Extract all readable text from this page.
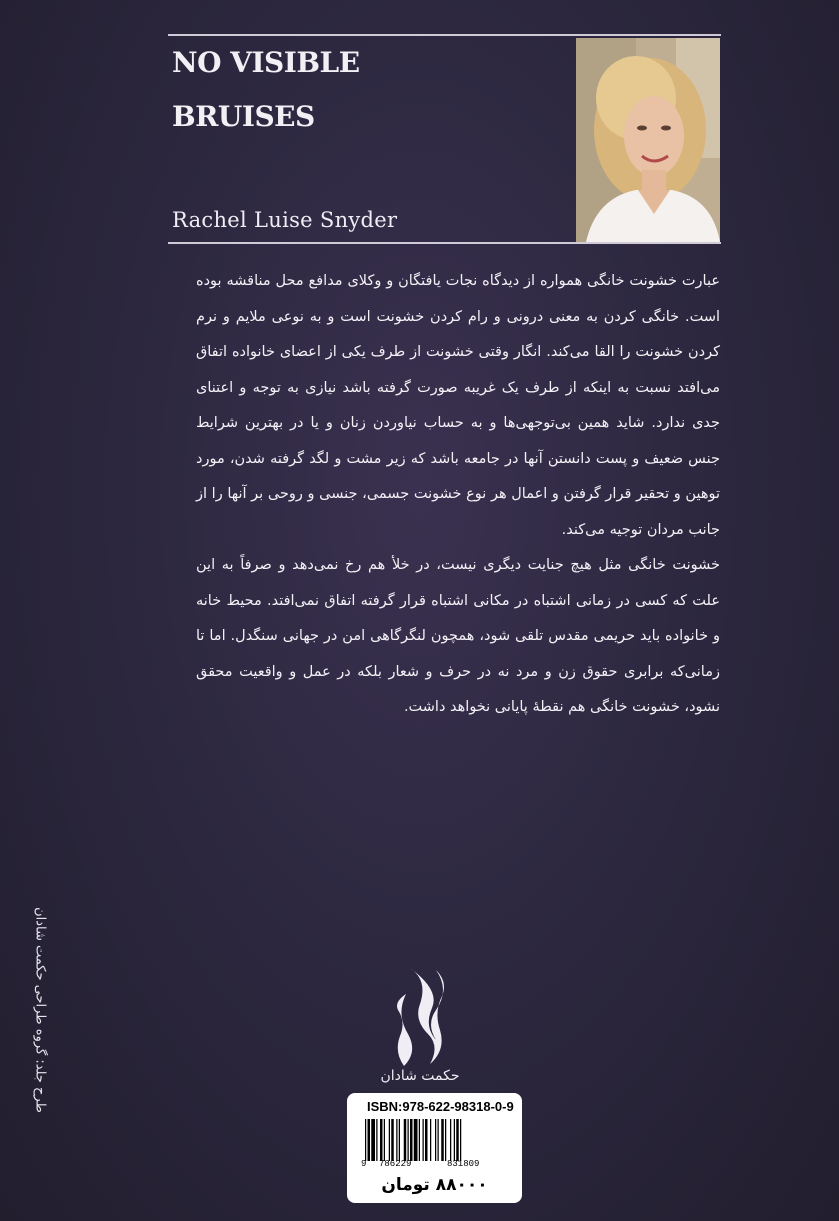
NO VISIBLE
BRUISES
Rachel Luise Snyder

عبارت خشونت خانگی همواره از دیدگاه نجات یافتگان و وکلای مدافع محل مناقشه بوده است. خانگی کردن به معنی درونی و رام کردن خشونت است و به نوعی ملایم و نرم کردن خشونت را القا می‌کند. انگار وقتی خشونت از طرف یکی از اعضای خانواده اتفاق می‌افتد نسبت به اینکه از طرف یک غریبه صورت گرفته باشد نیازی به توجه و اعتنای جدی ندارد. شاید همین بی‌توجهی‌ها و به حساب نیاوردن زنان و یا در بهترین شرایط جنس ضعیف و پست دانستن آنها در جامعه باشد که زیر مشت و لگد گرفته شدن، مورد توهین و تحقیر قرار گرفتن و اعمال هر نوع خشونت جسمی، جنسی و روحی بر آنها را از جانب مردان توجیه می‌کند.

خشونت خانگی مثل هیچ جنایت دیگری نیست، در خلأ هم رخ نمی‌دهد و صرفاً به این علت که کسی در زمانی اشتباه در مکانی اشتباه قرار گرفته اتفاق نمی‌افتد. محیط خانه و خانواده باید حریمی مقدس تلقی شود، همچون لنگرگاهی امن در جهانی سنگدل. اما تا زمانی‌که برابری حقوق زن و مرد نه در حرف و شعار بلکه در عمل و واقعیت محقق نشود، خشونت خانگی هم نقطهٔ پایانی نخواهد داشت.

طرح جلد: گروه طراحی حکمت شادان	حکمت شادان
ISBN:978-622-98318-0-9
9 786229	831809
۸۸۰۰۰ تومان
